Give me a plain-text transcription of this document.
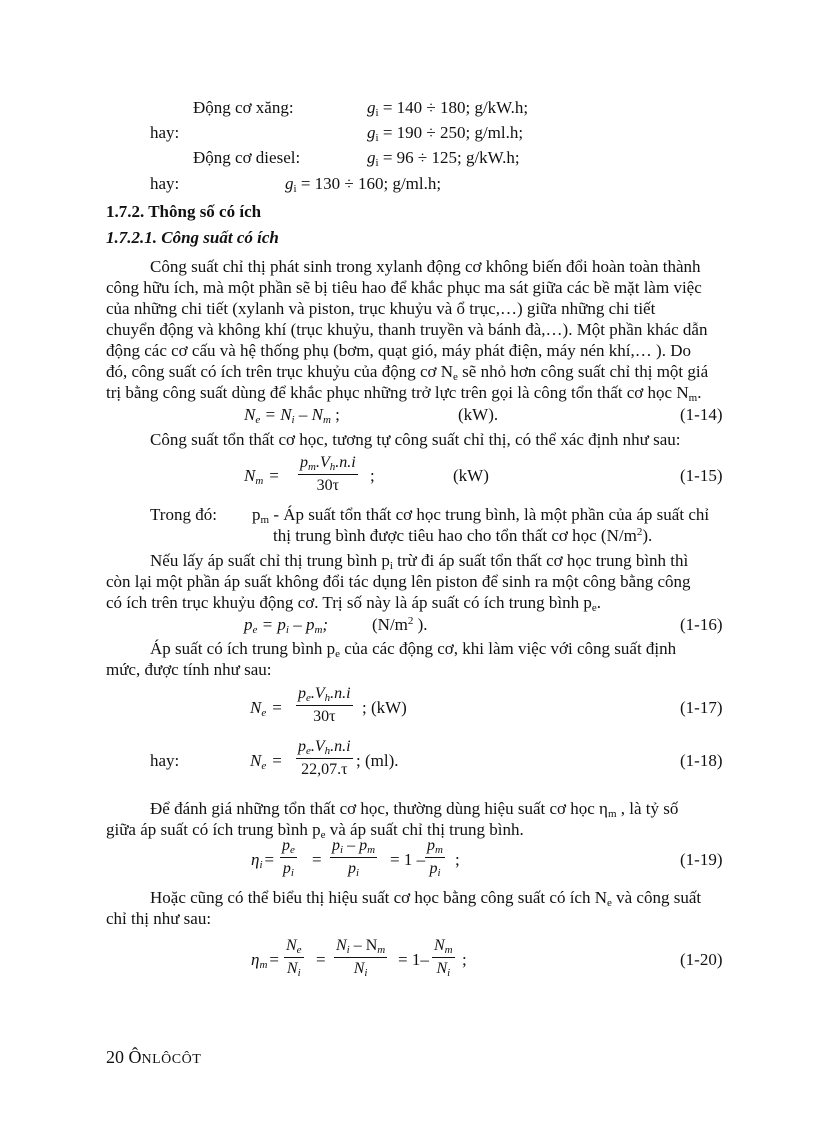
Động cơ xăng:	$g_i = 140 \div 180$; g/kW.h;
hay:	$g_i = 190 \div 250$; g/ml.h;
Động cơ diesel:	$g_i = 96 \div 125$; g/kW.h;
hay:	$g_i = 130 \div 160$; g/ml.h;
1.7.2. Thông số có ích
1.7.2.1. Công suất có ích
Công suất chỉ thị phát sinh trong xylanh động cơ không biến đổi hoàn toàn thành
công hữu ích, mà một phần sẽ bị tiêu hao để khắc phục ma sát giữa các bề mặt làm việc
của những chi tiết (xylanh và piston, trục khuỷu và ổ trục,…) giữa những chi tiết
chuyển động và không khí (trục khuỷu, thanh truyền và bánh đà,…). Một phần khác dẫn
động các cơ cấu và hệ thống phụ (bơm, quạt gió, máy phát điện, máy nén khí,… ). Do
đó, công suất có ích trên trục khuỷu của động cơ $N_e$ sẽ nhỏ hơn công suất chỉ thị một giá
trị bằng công suất dùng để khắc phục những trở lực trên gọi là công tổn thất cơ học $N_m$.
$N_e = N_i - N_m$ ;	(kW).	(1-14)
Công suất tổn thất cơ học, tương tự công suất chỉ thị, có thể xác định như sau:
$N_m$ =
$p_m.V_h.n.i$
30τ
;	(kW)	(1-15)
Trong đó: $p_m$ - Áp suất tổn thất cơ học trung bình, là một phần của áp suất chỉ
thị trung bình được tiêu hao cho tổn thất cơ học $(N/m^2)$.
Nếu lấy áp suất chỉ thị trung bình $p_i$ trừ đi áp suất tổn thất cơ học trung bình thì
còn lại một phần áp suất không đổi tác dụng lên piston để sinh ra một công bằng công
có ích trên trục khuỷu động cơ. Trị số này là áp suất có ích trung bình $p_e$.
$p_e = p_i - p_m$;	($N/m^2$ ).	(1-16)
Áp suất có ích trung bình $p_e$ của các động cơ, khi làm việc với công suất định
mức, được tính như sau:
$N_e$ =
$p_e.V_h.n.i$
30τ ; (kW)	(1-17)
hay:	$N_e$ =
$p_e.V_h.n.i$
22,07.τ ; (ml).	(1-18)
Để đánh giá những tổn thất cơ học, thường dùng hiệu suất cơ học $\eta_m$ , là tỷ số
giữa áp suất có ích trung bình $p_e$ và áp suất chỉ thị trung bình.
$\eta_i$ =
$p_e$
$p_i$
=
$p_i - p_m$
$p_i$
= 1 –
$p_m$
$p_i$
;	(1-19)
Hoặc cũng có thể biểu thị hiệu suất cơ học bằng công suất có ích $N_e$ và công suất
chỉ thị như sau:
$\eta_m$ =
$N_e$
$N_i$
=
$N_i - N_m$
$N_i$
= 1–
$N_m$
$N_i$
;	(1-20)
20 ÔNLÔCÔT
